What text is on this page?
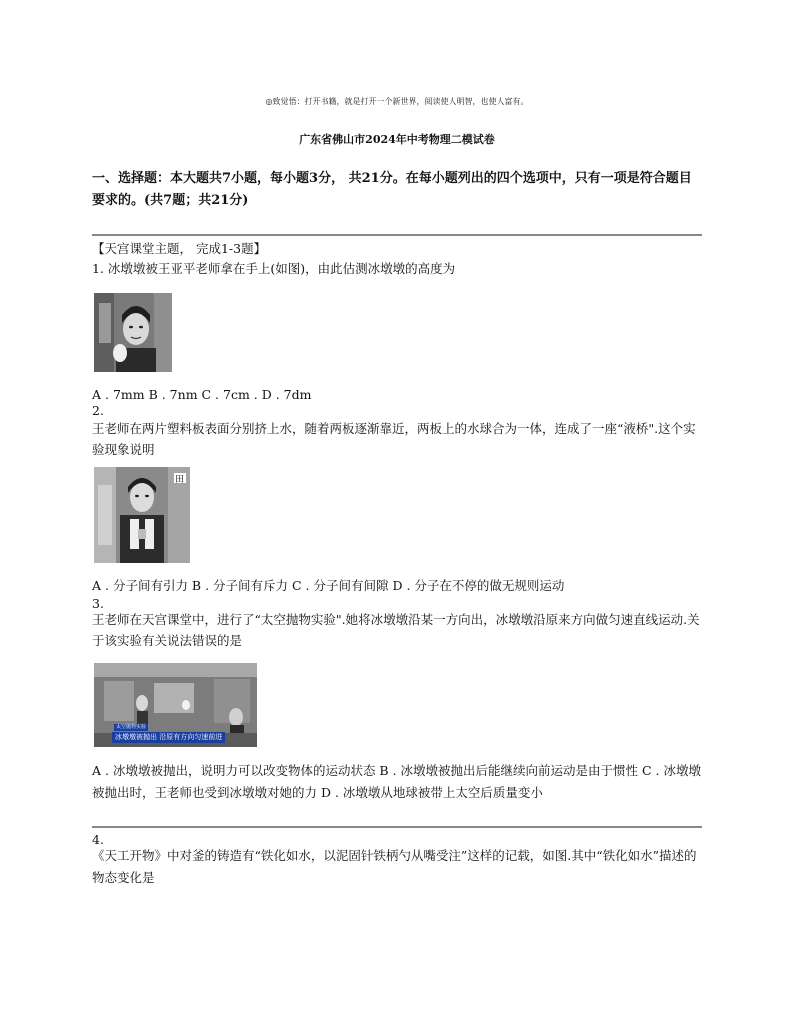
◎致觉悟：打开书籍，就是打开一个新世界，阅读使人明智，也使人富有。
广东省佛山市2024年中考物理二模试卷
一、选择题：本大题共7小题，每小题3分， 共21分。在每小题列出的四个选项中，只有一项是符合题目要求的。(共7题；共21分)
【天宫课堂主题， 完成1-3题】
1. 冰墩墩被王亚平老师拿在手上(如图)，由此估测冰墩墩的高度为
A . 7mm B . 7nm C . 7cm . D . 7dm
2.
王老师在两片塑料板表面分别挤上水，随着两板逐渐靠近，两板上的水球合为一体，连成了一座“液桥".这个实验现象说明
田
A . 分子间有引力 B . 分子间有斥力 C . 分子间有间隙 D . 分子在不停的做无规则运动
3.
王老师在天宫课堂中，进行了“太空抛物实验".她将冰墩墩沿某一方向出，冰墩墩沿原来方向做匀速直线运动.关于该实验有关说法错误的是
太空抛物实验
冰墩墩被抛出 沿原有方向匀速前进
A . 冰墩墩被抛出，说明力可以改变物体的运动状态 B . 冰墩墩被抛出后能继续向前运动是由于惯性 C . 冰墩墩被抛出时，王老师也受到冰墩墩对她的力 D . 冰墩墩从地球被带上太空后质量变小
4.
《天工开物》中对釜的铸造有“铁化如水，以泥固针铁柄勺从嘴受注”这样的记载，如图.其中“铁化如水”描述的物态变化是
